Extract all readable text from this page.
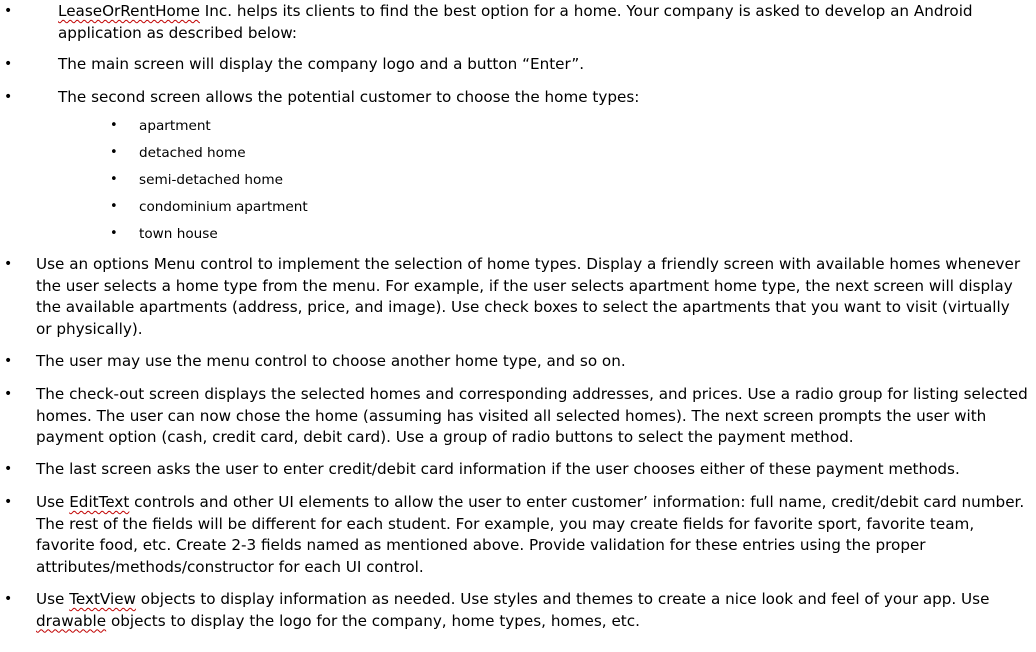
•	LeaseOrRentHome Inc. helps its clients to find the best option for a home. Your company is asked to develop an Android application as described below:
•	The main screen will display the company logo and a button “Enter”.
•	The second screen allows the potential customer to choose the home types:
• apartment
• detached home
• semi-detached home
• condominium apartment
• town house
• Use an options Menu control to implement the selection of home types. Display a friendly screen with available homes whenever the user selects a home type from the menu. For example, if the user selects apartment home type, the next screen will display the available apartments (address, price, and image). Use check boxes to select the apartments that you want to visit (virtually or physically).
• The user may use the menu control to choose another home type, and so on.
• The check-out screen displays the selected homes and corresponding addresses, and prices. Use a radio group for listing selected homes. The user can now chose the home (assuming has visited all selected homes). The next screen prompts the user with payment option (cash, credit card, debit card). Use a group of radio buttons to select the payment method.
• The last screen asks the user to enter credit/debit card information if the user chooses either of these payment methods.
• Use EditText controls and other UI elements to allow the user to enter customer’ information: full name, credit/debit card number. The rest of the fields will be different for each student. For example, you may create fields for favorite sport, favorite team, favorite food, etc. Create 2-3 fields named as mentioned above. Provide validation for these entries using the proper attributes/methods/constructor for each UI control.
• Use TextView objects to display information as needed. Use styles and themes to create a nice look and feel of your app. Use drawable objects to display the logo for the company, home types, homes, etc.
